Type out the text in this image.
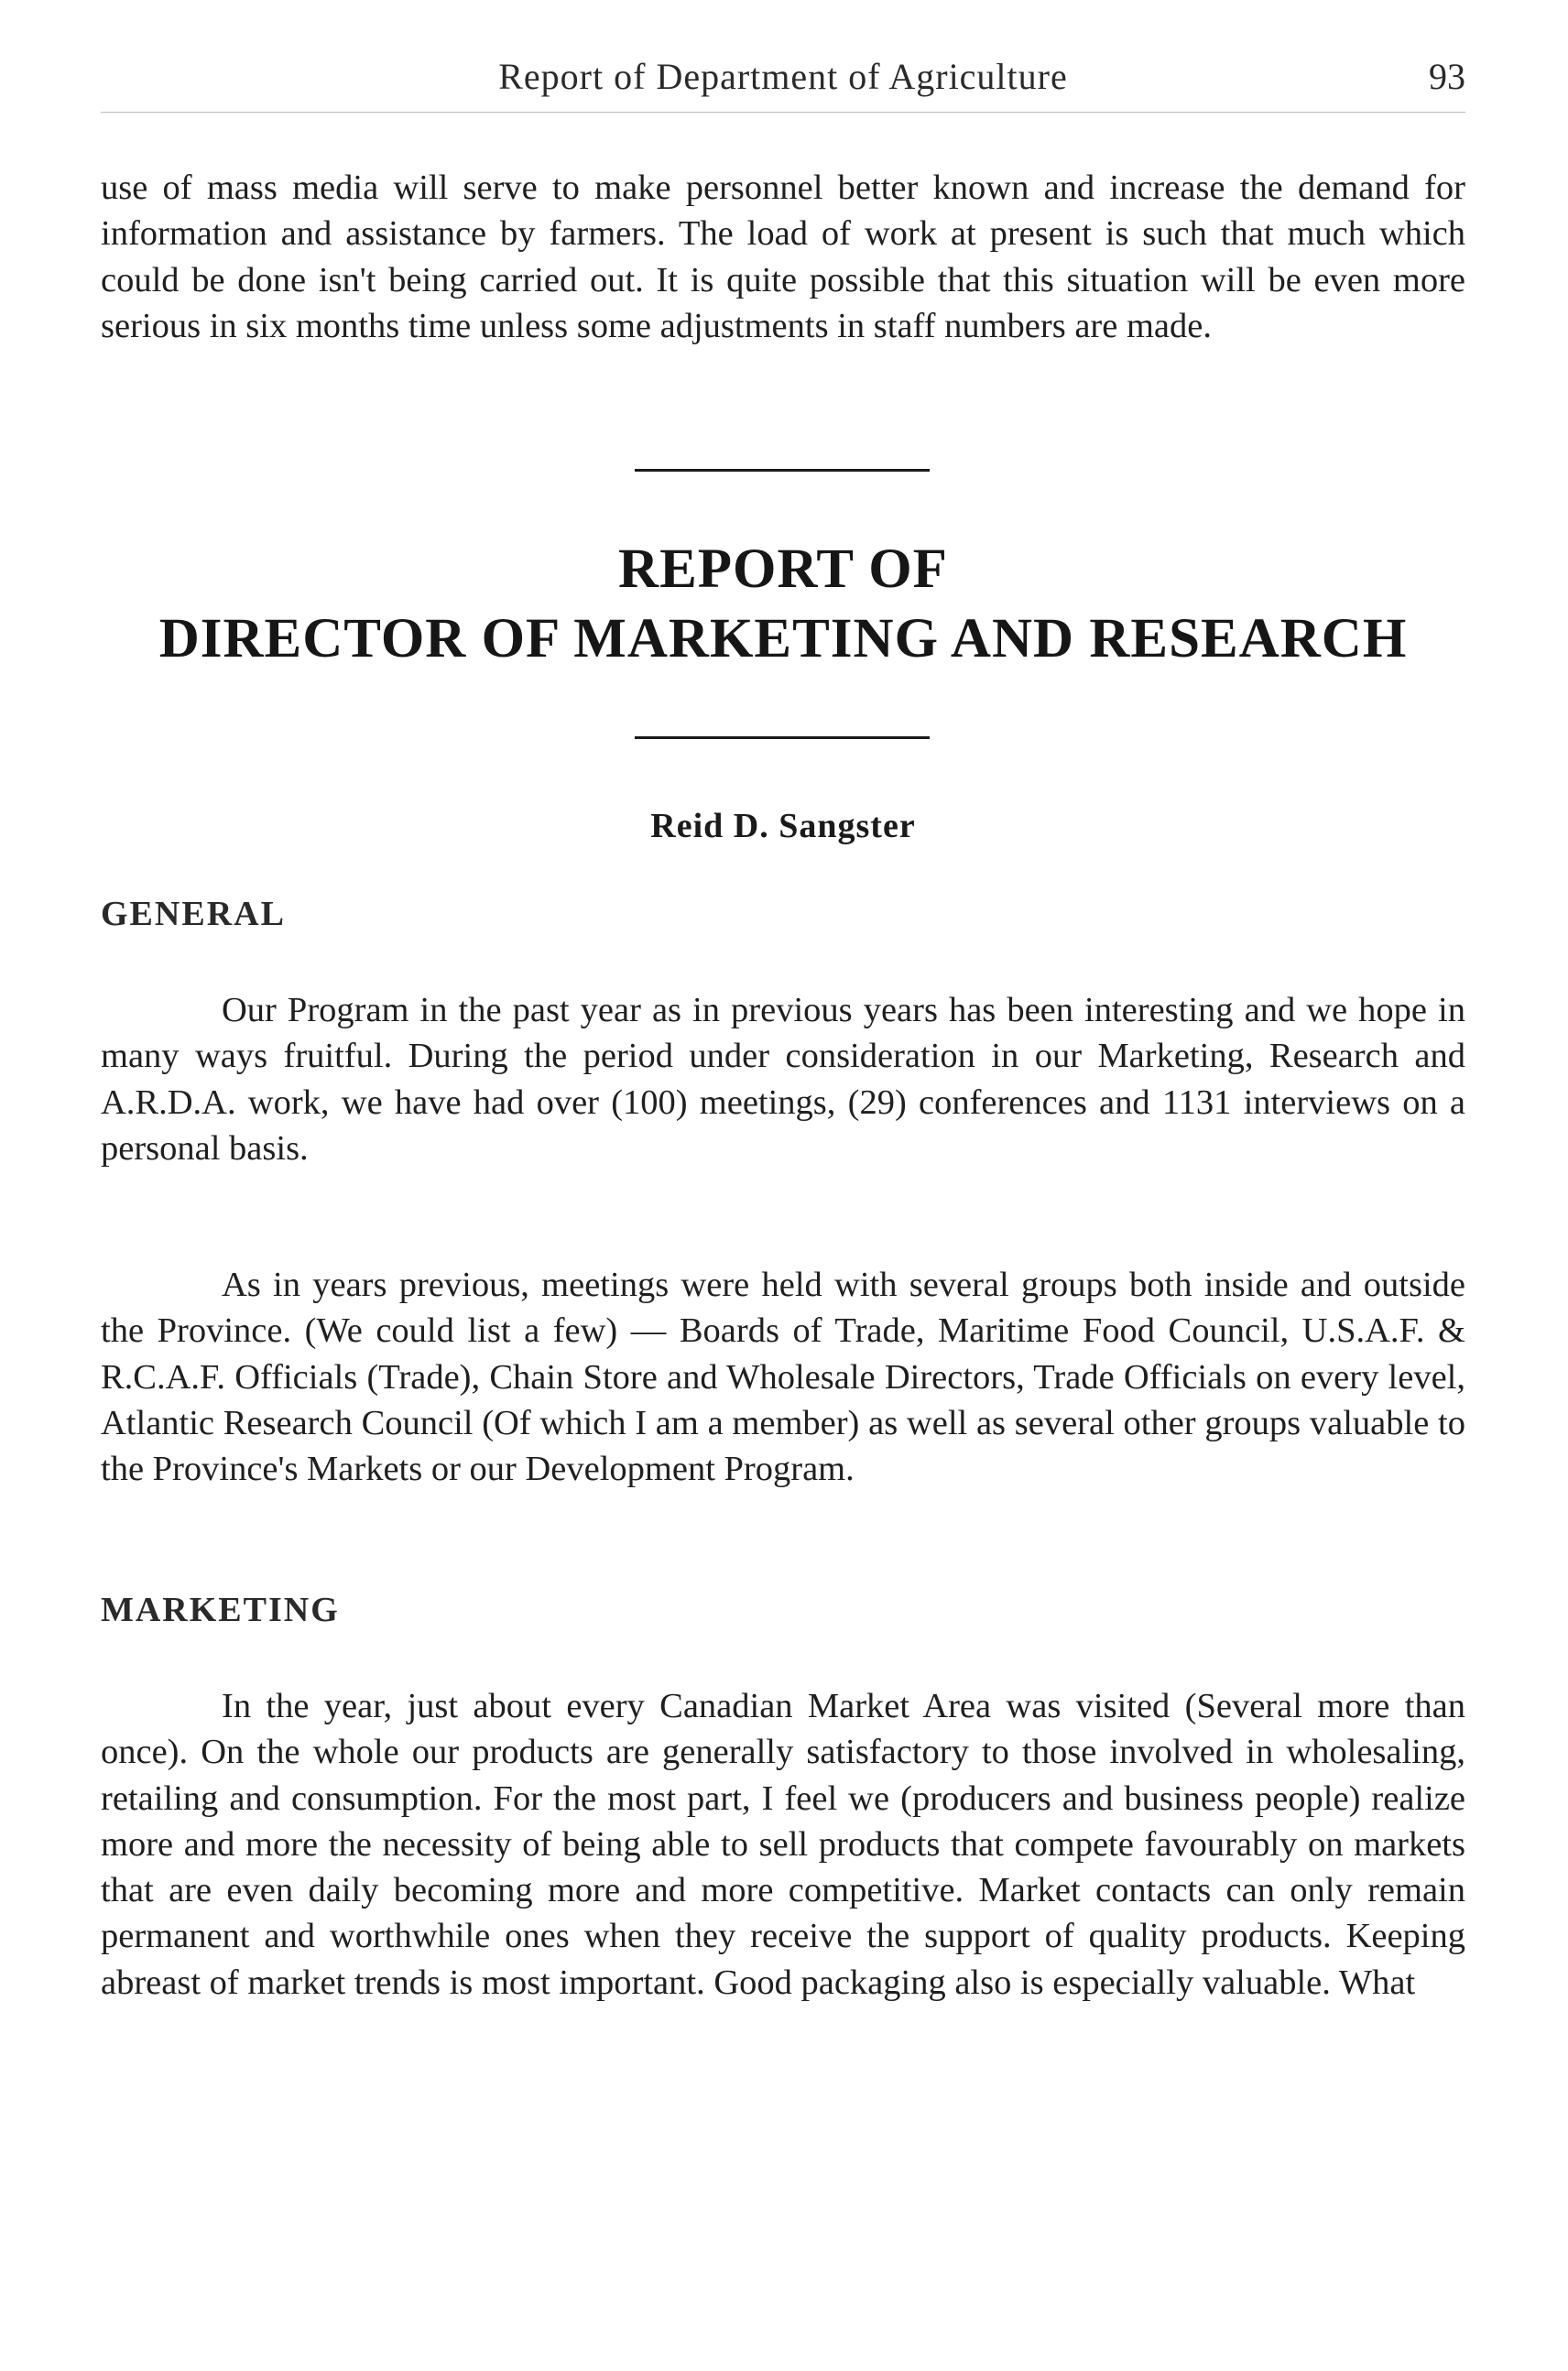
Report of Department of Agriculture	93

use of mass media will serve to make personnel better known and increase the demand for information and assistance by farmers. The load of work at present is such that much which could be done isn't being carried out. It is quite possible that this situation will be even more serious in six months time unless some adjustments in staff numbers are made.

REPORT OF
DIRECTOR OF MARKETING AND RESEARCH
Reid D. Sangster
GENERAL

Our Program in the past year as in previous years has been interesting and we hope in many ways fruitful. During the period under consideration in our Marketing, Research and A.R.D.A. work, we have had over (100) meetings, (29) conferences and 1131 interviews on a personal basis.

As in years previous, meetings were held with several groups both inside and outside the Province. (We could list a few) — Boards of Trade, Maritime Food Council, U.S.A.F. & R.C.A.F. Officials (Trade), Chain Store and Wholesale Directors, Trade Officials on every level, Atlantic Research Council (Of which I am a member) as well as several other groups valuable to the Province's Markets or our Development Program.

MARKETING

In the year, just about every Canadian Market Area was visited (Several more than once). On the whole our products are generally satisfactory to those involved in wholesaling, retailing and consumption. For the most part, I feel we (producers and business people) realize more and more the necessity of being able to sell products that compete favourably on markets that are even daily becoming more and more competitive. Market contacts can only remain permanent and worthwhile ones when they receive the support of quality products. Keeping abreast of market trends is most important. Good packaging also is especially valuable. What
